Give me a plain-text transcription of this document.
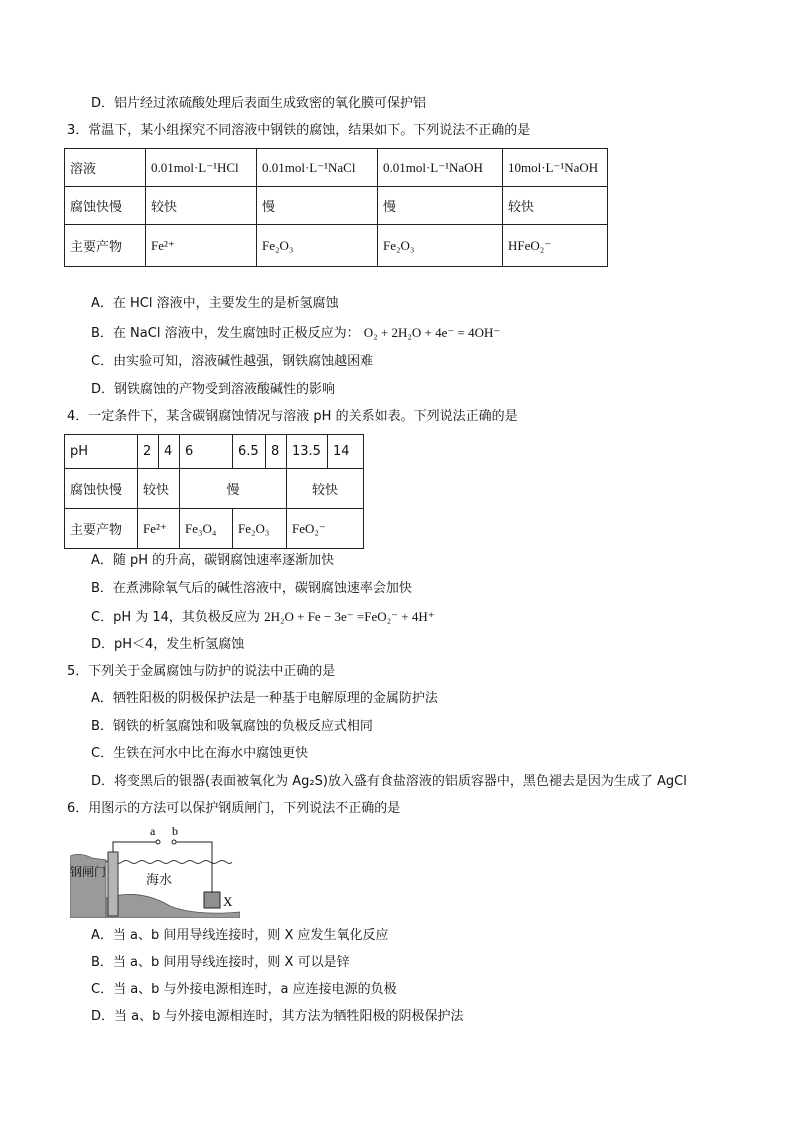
D．铝片经过浓硫酸处理后表面生成致密的氧化膜可保护铝
3．常温下，某小组探究不同溶液中钢铁的腐蚀，结果如下。下列说法不正确的是
溶液	0.01mol·L⁻¹HCl	0.01mol·L⁻¹NaCl	0.01mol·L⁻¹NaOH	10mol·L⁻¹NaOH
腐蚀快慢	较快	慢	慢	较快
主要产物	Fe²⁺	Fe₂O₃	Fe₂O₃	HFeO₂⁻
A．在 HCl 溶液中，主要发生的是析氢腐蚀
B．在 NaCl 溶液中，发生腐蚀时正极反应为： O₂ + 2H₂O + 4e⁻ = 4OH⁻
C．由实验可知，溶液碱性越强，钢铁腐蚀越困难
D．钢铁腐蚀的产物受到溶液酸碱性的影响
4．一定条件下，某含碳钢腐蚀情况与溶液 pH 的关系如表。下列说法正确的是
pH	2	4	6	6.5	8	13.5	14
腐蚀快慢	较快		慢			较快	
主要产物	Fe²⁺		Fe₃O₄	Fe₂O₃		FeO₂⁻	
A．随 pH 的升高，碳钢腐蚀速率逐渐加快
B．在煮沸除氧气后的碱性溶液中，碳钢腐蚀速率会加快
C．pH 为 14，其负极反应为 2H₂O + Fe − 3e⁻ =FeO₂⁻ + 4H⁺
D．pH＜4，发生析氢腐蚀
5．下列关于金属腐蚀与防护的说法中正确的是
A．牺牲阳极的阴极保护法是一种基于电解原理的金属防护法
B．钢铁的析氢腐蚀和吸氧腐蚀的负极反应式相同
C．生铁在河水中比在海水中腐蚀更快
D．将变黑后的银器(表面被氧化为 Ag₂S)放入盛有食盐溶液的铝质容器中，黑色褪去是因为生成了 AgCl
6．用图示的方法可以保护钢质闸门，下列说法不正确的是
a b
X
钢闸门
海水
A．当 a、b 间用导线连接时，则 X 应发生氧化反应
B．当 a、b 间用导线连接时，则 X 可以是锌
C．当 a、b 与外接电源相连时，a 应连接电源的负极
D．当 a、b 与外接电源相连时，其方法为牺牲阳极的阴极保护法
